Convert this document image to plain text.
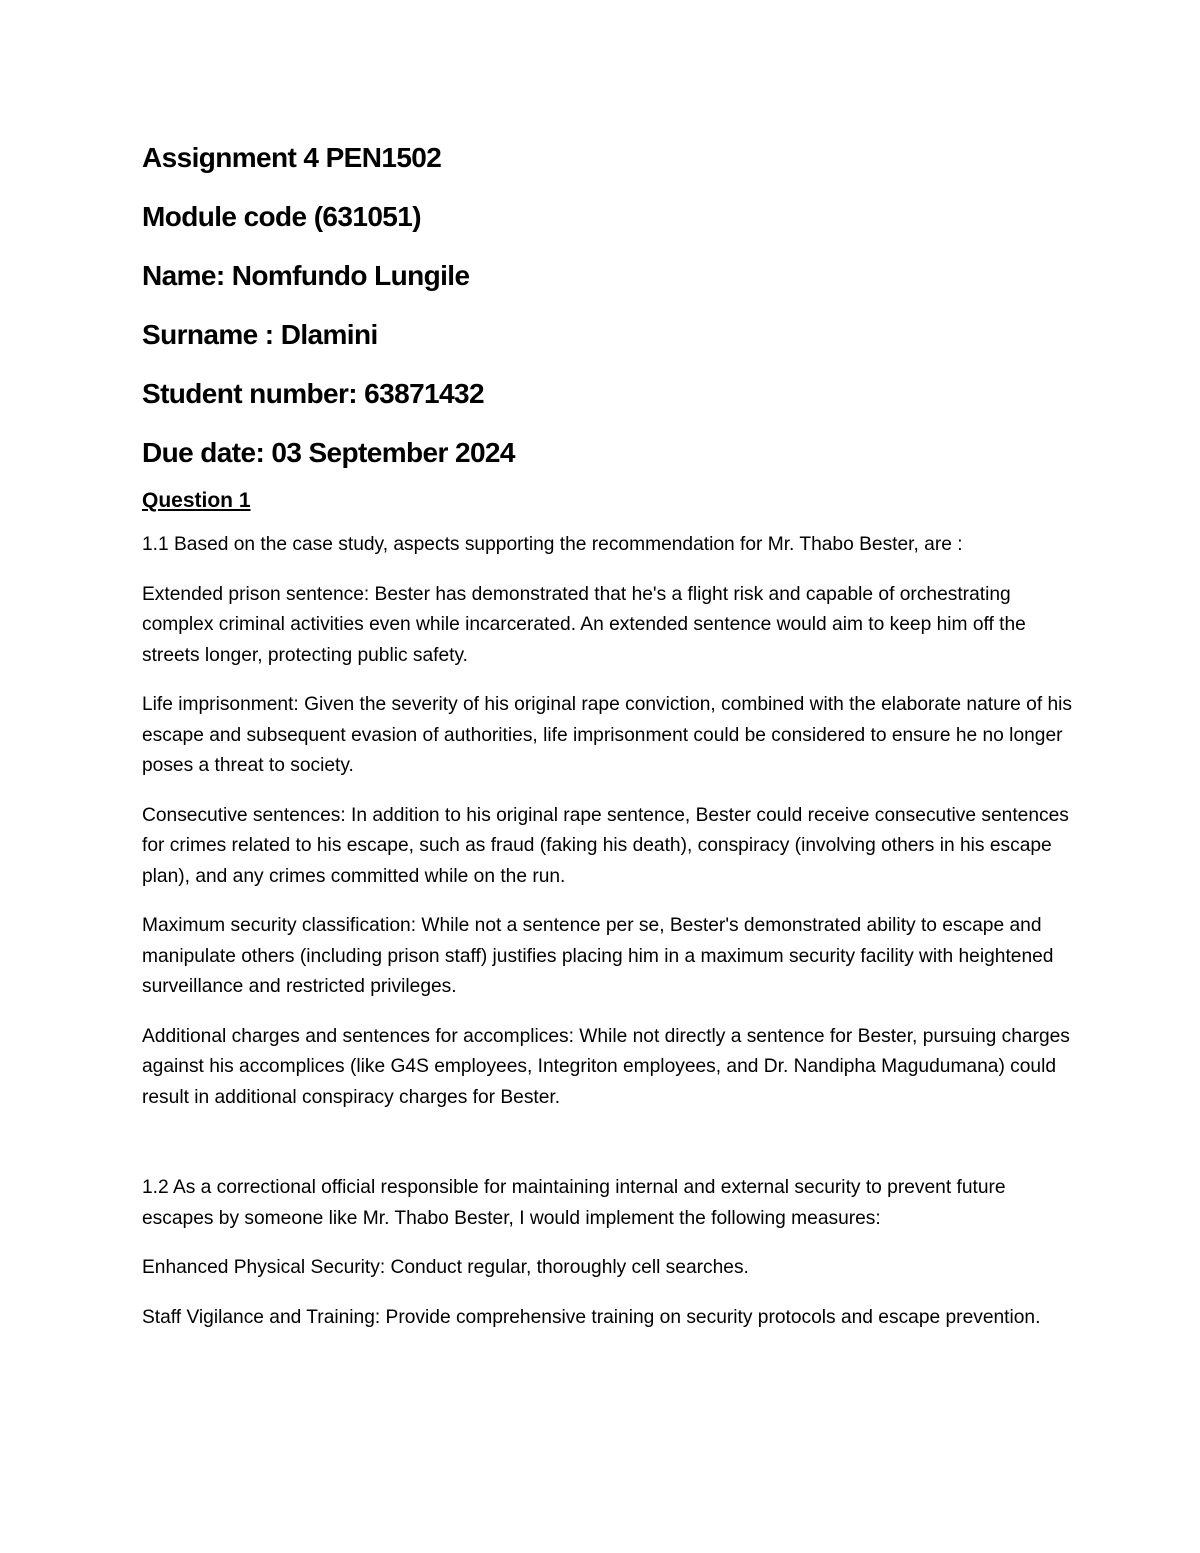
Assignment 4 PEN1502
Module code (631051)
Name: Nomfundo Lungile
Surname : Dlamini
Student number: 63871432
Due date: 03 September 2024
Question 1

1.1 Based on the case study, aspects supporting the recommendation for Mr. Thabo Bester, are :

Extended prison sentence: Bester has demonstrated that he's a flight risk and capable of orchestrating complex criminal activities even while incarcerated. An extended sentence would aim to keep him off the streets longer, protecting public safety.

Life imprisonment: Given the severity of his original rape conviction, combined with the elaborate nature of his escape and subsequent evasion of authorities, life imprisonment could be considered to ensure he no longer poses a threat to society.

Consecutive sentences: In addition to his original rape sentence, Bester could receive consecutive sentences for crimes related to his escape, such as fraud (faking his death), conspiracy (involving others in his escape plan), and any crimes committed while on the run.

Maximum security classification: While not a sentence per se, Bester's demonstrated ability to escape and manipulate others (including prison staff) justifies placing him in a maximum security facility with heightened surveillance and restricted privileges.

Additional charges and sentences for accomplices: While not directly a sentence for Bester, pursuing charges against his accomplices (like G4S employees, Integriton employees, and Dr. Nandipha Magudumana) could result in additional conspiracy charges for Bester.

1.2 As a correctional official responsible for maintaining internal and external security to prevent future escapes by someone like Mr. Thabo Bester, I would implement the following measures:

Enhanced Physical Security: Conduct regular, thoroughly cell searches.

Staff Vigilance and Training: Provide comprehensive training on security protocols and escape prevention.
